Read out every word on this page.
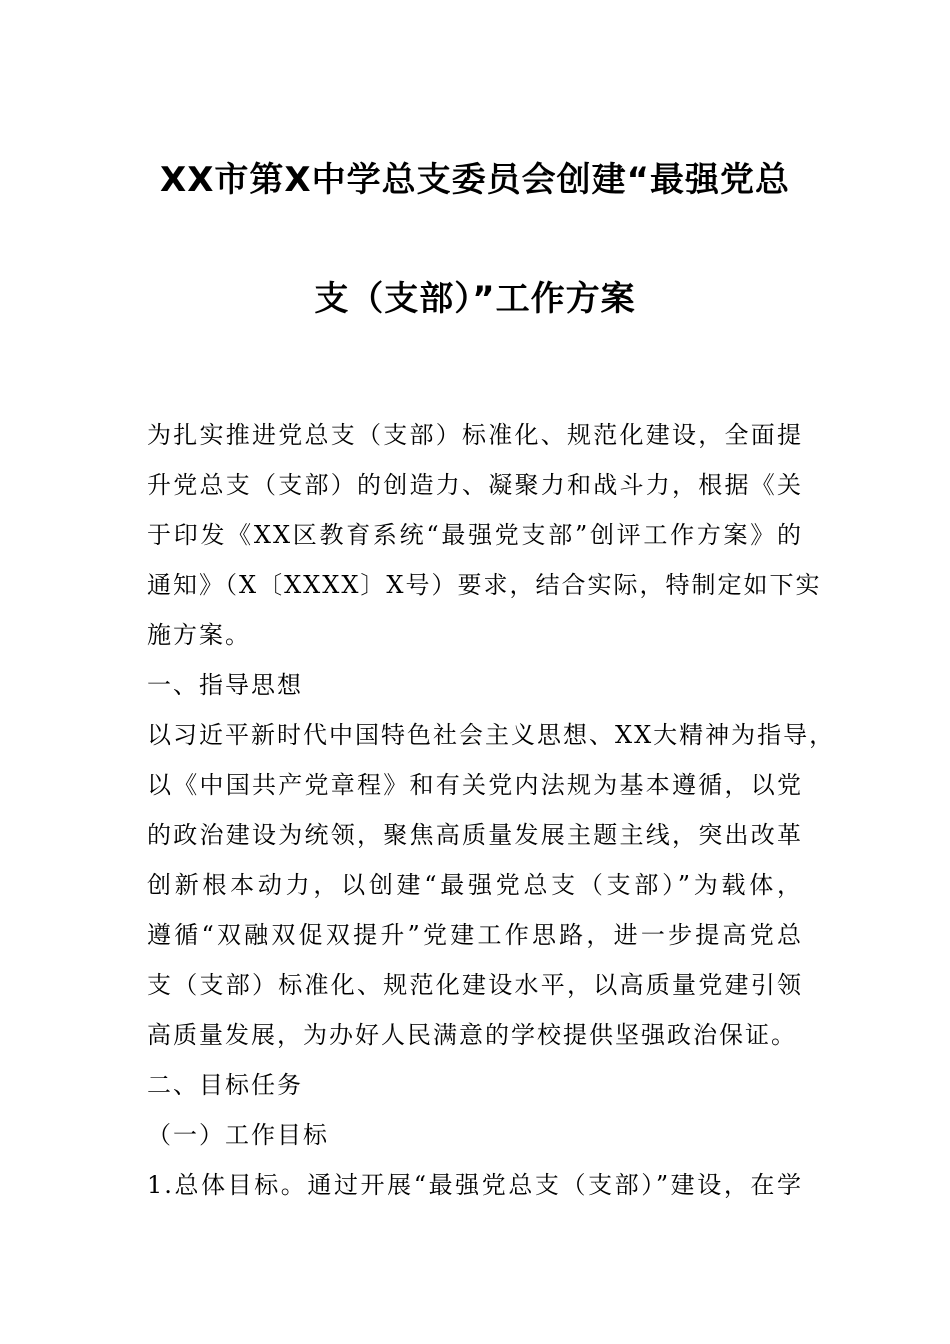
XX市第X中学总支委员会创建“最强党总
支（支部）”工作方案
为扎实推进党总支（支部）标准化、规范化建设，全面提
升党总支（支部）的创造力、凝聚力和战斗力，根据《关
于印发《XX区教育系统“最强党支部”创评工作方案》的
通知》（X〔XXXX〕X号）要求，结合实际，特制定如下实
施方案。
一、指导思想
以习近平新时代中国特色社会主义思想、XX大精神为指导，
以《中国共产党章程》和有关党内法规为基本遵循，以党
的政治建设为统领，聚焦高质量发展主题主线，突出改革
创新根本动力，以创建“最强党总支（支部）”为载体，
遵循“双融双促双提升”党建工作思路，进一步提高党总
支（支部）标准化、规范化建设水平，以高质量党建引领
高质量发展，为办好人民满意的学校提供坚强政治保证。
二、目标任务
（一）工作目标
1.总体目标。通过开展“最强党总支（支部）”建设，在学
